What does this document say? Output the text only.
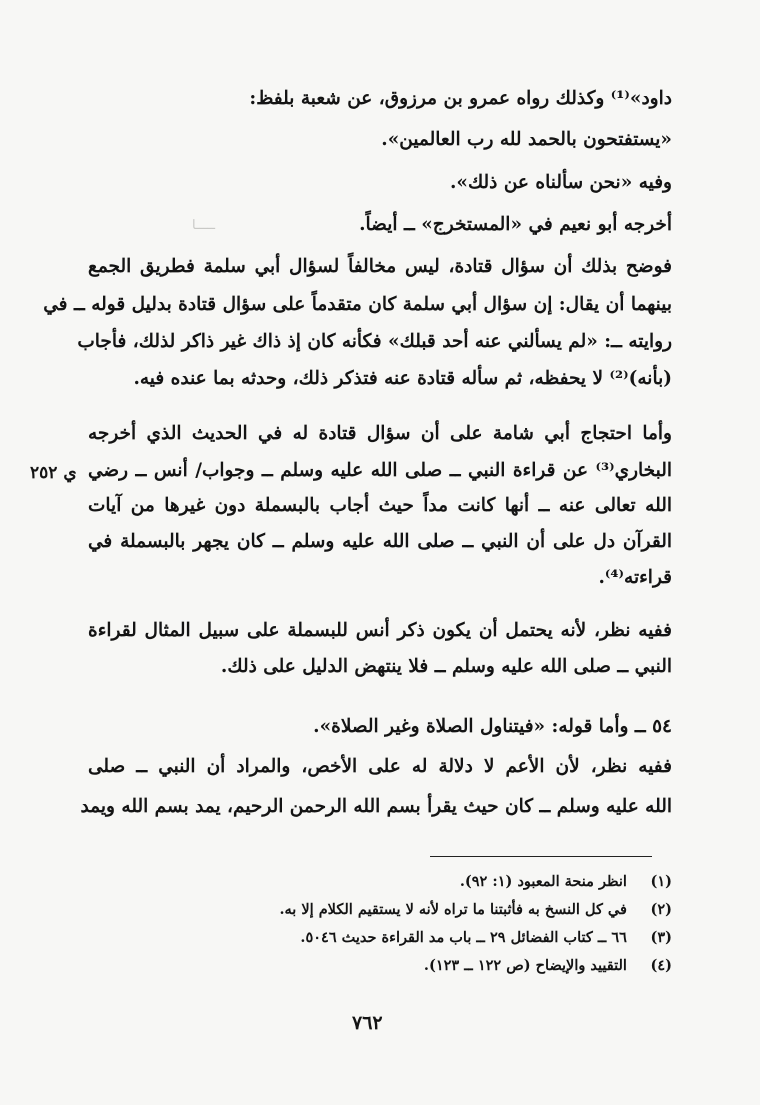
داود»⁽¹⁾ وكذلك رواه عمرو بن مرزوق، عن شعبة بلفظ:

«يستفتحون بالحمد لله رب العالمين».

وفيه «نحن سألناه عن ذلك».

أخرجه أبو نعيم في «المستخرج» ــ أيضاً.

فوضح بذلك أن سؤال قتادة، ليس مخالفاً لسؤال أبي سلمة فطريق الجمع

بينهما أن يقال: إن سؤال أبي سلمة كان متقدماً على سؤال قتادة بدليل قوله ــ في

روايته ــ: «لم يسألني عنه أحد قبلك» فكأنه كان إذ ذاك غير ذاكر لذلك، فأجاب

(بأنه)⁽²⁾ لا يحفظه، ثم سأله قتادة عنه فتذكر ذلك، وحدثه بما عنده فيه.

وأما احتجاج أبي شامة على أن سؤال قتادة له في الحديث الذي أخرجه

البخاري⁽³⁾ عن قراءة النبي ــ صلى الله عليه وسلم ــ وجواب/ أنس ــ رضي

الله تعالى عنه ــ أنها كانت مداً حيث أجاب بالبسملة دون غيرها من آيات

القرآن دل على أن النبي ــ صلى الله عليه وسلم ــ كان يجهر بالبسملة في

قراءته⁽⁴⁾.

ففيه نظر، لأنه يحتمل أن يكون ذكر أنس للبسملة على سبيل المثال لقراءة

النبي ــ صلى الله عليه وسلم ــ فلا ينتهض الدليل على ذلك.

٥٤ ــ وأما قوله: «فيتناول الصلاة وغير الصلاة».

ففيه نظر، لأن الأعم لا دلالة له على الأخص، والمراد أن النبي ــ صلى

الله عليه وسلم ــ كان حيث يقرأ بسم الله الرحمن الرحيم، يمد بسم الله ويمد

ي ٢٥٢
ـــــا
(١) انظر منحة المعبود (١: ٩٢).
(٢) في كل النسخ به فأثبتنا ما تراه لأنه لا يستقيم الكلام إلا به.
(٣) ٦٦ ــ كتاب الفضائل ٢٩ ــ باب مد القراءة حديث ٥٠٤٦.
(٤) التقييد والإيضاح (ص ١٢٢ ــ ١٢٣).
٧٦٢
